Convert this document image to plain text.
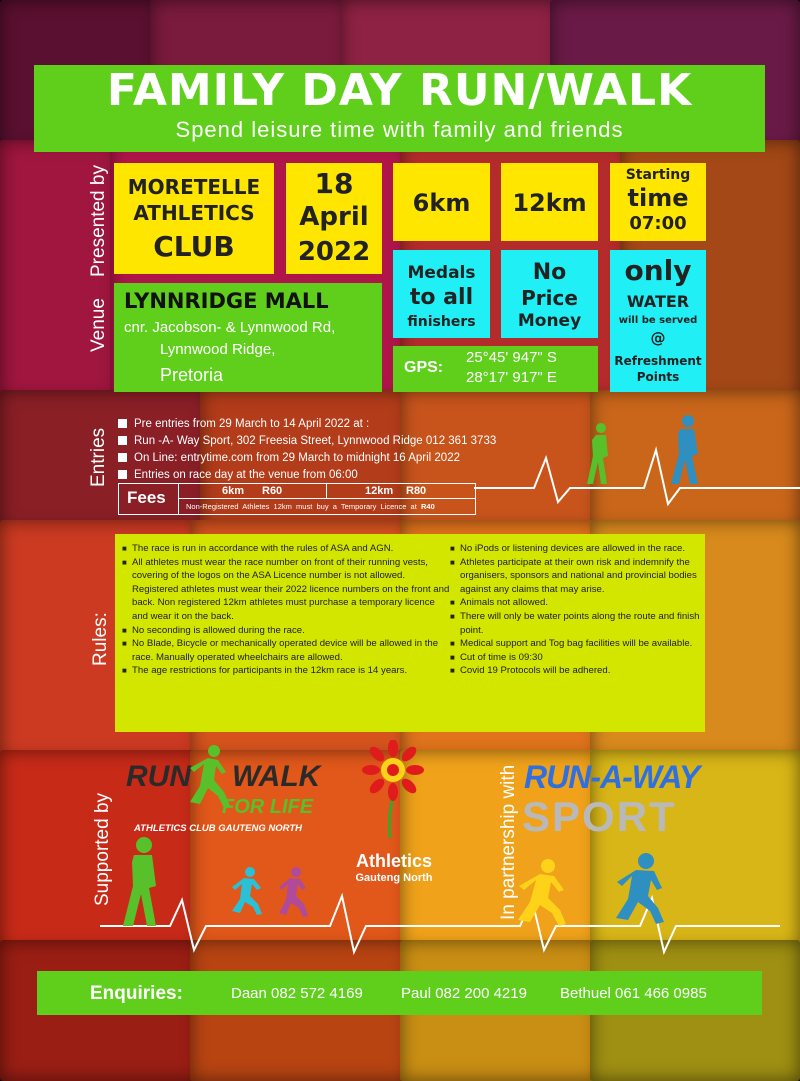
FAMILY DAY RUN/WALK
Spend leisure time with family and friends
Presented by
Venue
Entries
Rules:
Supported by	In partnership with
MORETELLE
ATHLETICS
CLUB
18
April
2022
6km	12km
Starting
time
07:00
Medals
to all
finishers
No
Price
Money
only
WATER
will be served
@
Refreshment
Points
LYNNRIDGE MALL
cnr. Jacobson- & Lynnwood Rd,
Lynnwood Ridge,
Pretoria	GPS:
25°45' 947" S
28°17' 917" E
Pre entries from 29 March to 14 April 2022 at :
Run -A- Way Sport, 302 Freesia Street, Lynnwood Ridge 012 361 3733
On Line: entrytime.com from 29 March to midnight 16 April 2022
Entries on race day at the venue from 06:00
Fees	6km R60	12km R80
Non-Registered  Athletes  12km  must  buy  a  Temporary  Licence  at  R40
■ The race is run in accordance with the rules of ASA and AGN.
■ All athletes must wear the race number on front of their running vests, covering of the logos on the ASA Licence number is not allowed. Registered athletes must wear their 2022 licence numbers on the front and back. Non registered 12km athletes must purchase a temporary licence and wear it on the back.
■ No seconding is allowed during the race.
■ No Blade, Bicycle or mechanically operated device will be allowed in the race. Manually operated wheelchairs are allowed.
■ The age restrictions for participants in the 12km race is 14 years.
■ No iPods or listening devices are allowed in the race.
■ Athletes participate at their own risk and indemnify the organisers, sponsors and national and provincial bodies against any claims that may arise.
■ Animals not allowed.
■ There will only be water points along the route and finish point.
■ Medical support and Tog bag facilities will be available.
■ Cut of time is 09:30
■ Covid 19 Protocols will be adhered.
RUN WALK
FOR LIFE
ATHLETICS CLUB GAUTENG NORTH
Athletics
Gauteng North
RUN-A-WAY
SPORT
Enquiries:	Daan 082 572 4169	Paul 082 200 4219 Bethuel 061 466 0985
